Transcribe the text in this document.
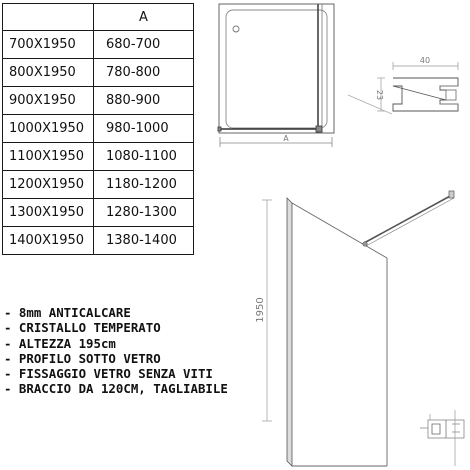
	A
700X1950	680-700
800X1950	780-800
900X1950	880-900
1000X1950	980-1000
1100X1950	1080-1100
1200X1950	1180-1200
1300X1950	1280-1300
1400X1950	1380-1400
- 8mm ANTICALCARE
- CRISTALLO TEMPERATO
- ALTEZZA 195cm
- PROFILO SOTTO VETRO
- FISSAGGIO VETRO SENZA VITI
- BRACCIO DA 120CM, TAGLIABILE
A
40
23
1950
